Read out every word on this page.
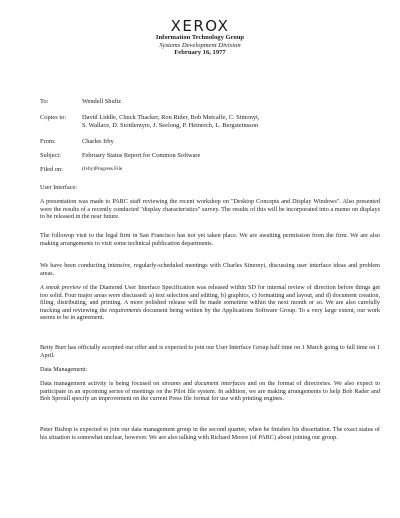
XEROX
Information Technology Group
Systems Development Division
February 16, 1977
To:	Wendell Shultz
Copies to: David Liddle, Chuck Thacker, Ron Rider, Bob Metcalfe, C. Simonyi,
S. Wallace, D. Stottlemyre, J. Seelong, P. Heinrech, L. Bergsteinsson
From:	Charles Irby
Subject:	February Status Report for Common Software
Filed on:	(Ivby)Progress.File

User Interface:

A presentation was made to PARC staff reviewing the recent workshop on "Desktop Concepts and Display Windows". Also presented were the results of a recently conducted "display characteristics" survey. The results of this will be incorporated into a memo on displays to be released in the near future.

The followup visit to the legal firm in San Francisco has not yet taken place. We are awaiting permission from the firm. We are also making arrangements to visit some technical publication departments.

We have been conducting intensive, regularly-scheduled meetings with Charles Simonyi, discussing user interface ideas and problem areas.

A sneak preview of the Diamond User Interface Specification was released within SD for internal review of direction before things get too solid. Four major areas were discussed: a) text selection and editing, b) graphics, c) formatting and layout, and d) document creation, filing, distributing, and printing. A more polished release will be made sometime within the next month or so. We are also carefully tracking and reviewing the requirements document being written by the Applications Software Group. To a very large extent, our work seems to be in agreement.

Betty Burr has officially accepted our offer and is expected to join our User Interface Group half time on 1 March going to full time on 1 April.

Data Management:

Data management activity is being focused on streams and document interfaces and on the format of directories. We also expect to participate in an upcoming series of meetings on the Pilot file system. In addition, we are making arrangements to help Bob Rader and Bob Sproull specify an improvement on the current Press file format for use with printing engines.

Peter Bishop is expected to join our data management group in the second quarter, when he finishes his dissertation. The exact status of his situation is somewhat unclear, however. We are also talking with Richard Moore (of PARC) about joining our group.
